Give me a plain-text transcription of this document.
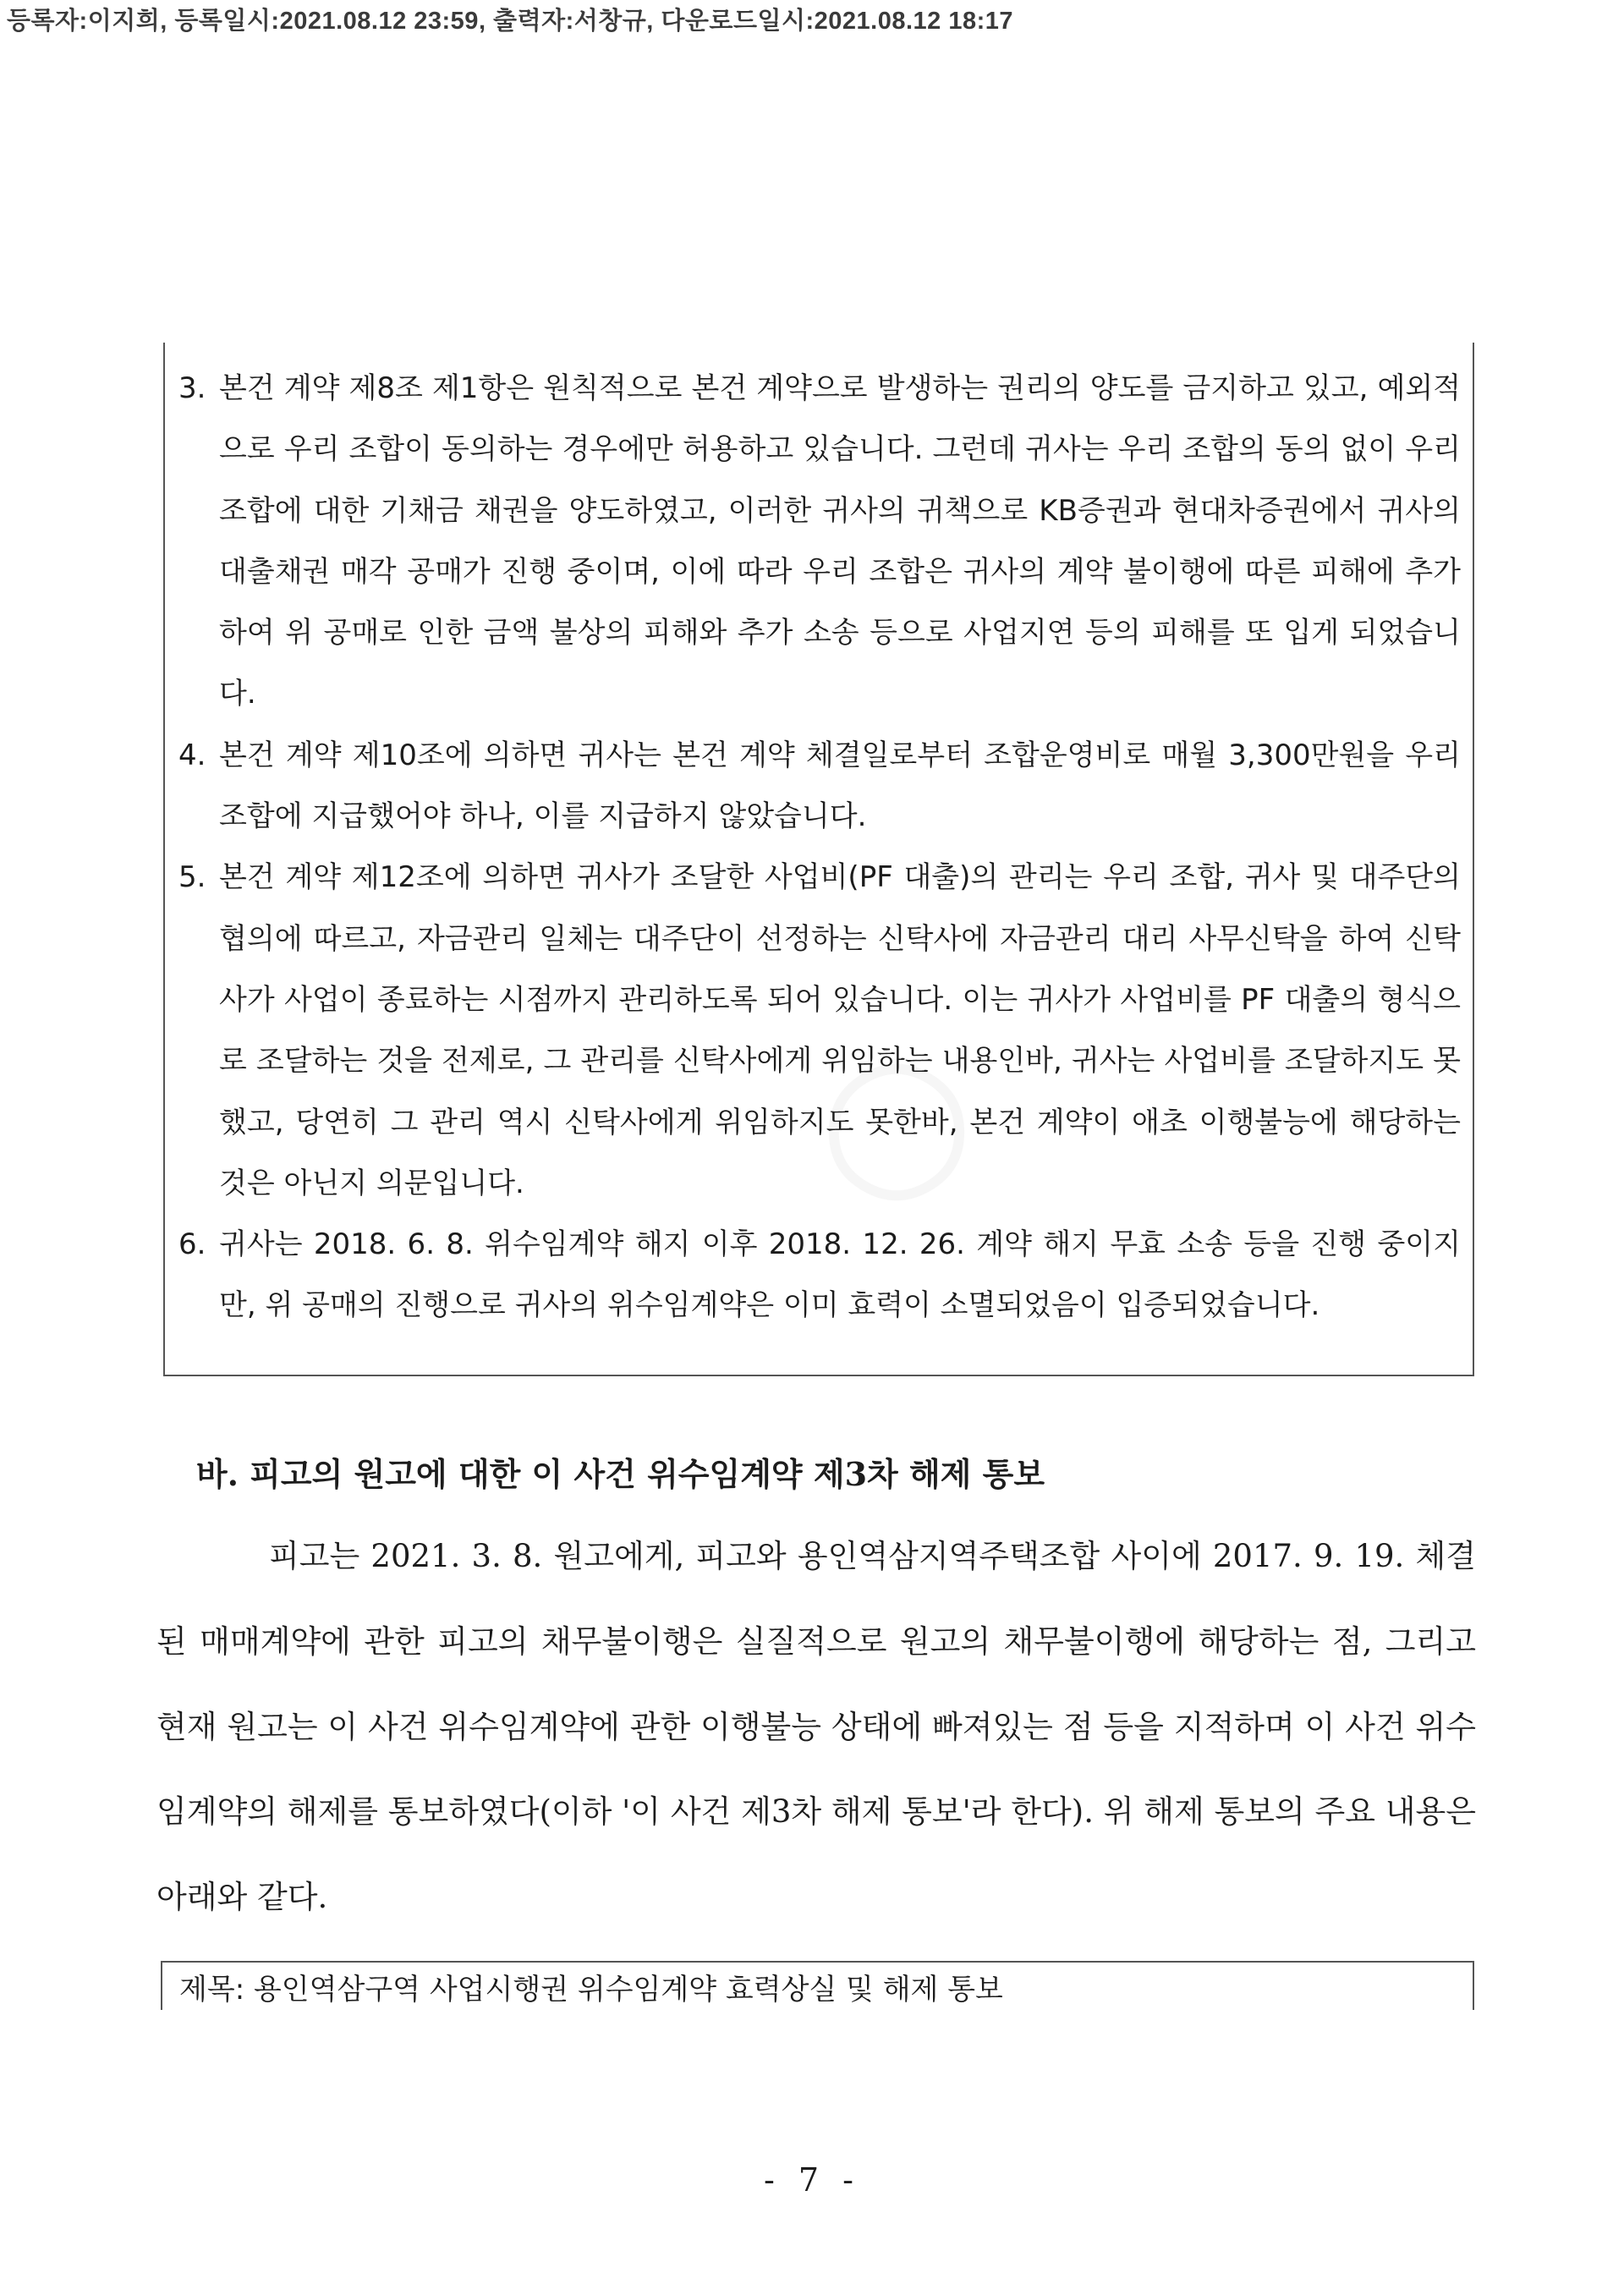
등록자:이지희, 등록일시:2021.08.12 23:59, 출력자:서창규, 다운로드일시:2021.08.12 18:17
3. 본건 계약 제8조 제1항은 원칙적으로 본건 계약으로 발생하는 권리의 양도를 금지하고 있고, 예외적으로 우리 조합이 동의하는 경우에만 허용하고 있습니다. 그런데 귀사는 우리 조합의 동의 없이 우리 조합에 대한 기채금 채권을 양도하였고, 이러한 귀사의 귀책으로 KB증권과 현대차증권에서 귀사의 대출채권 매각 공매가 진행 중이며, 이에 따라 우리 조합은 귀사의 계약 불이행에 따른 피해에 추가하여 위 공매로 인한 금액 불상의 피해와 추가 소송 등으로 사업지연 등의 피해를 또 입게 되었습니다.
4. 본건 계약 제10조에 의하면 귀사는 본건 계약 체결일로부터 조합운영비로 매월 3,300만원을 우리 조합에 지급했어야 하나, 이를 지급하지 않았습니다.
5. 본건 계약 제12조에 의하면 귀사가 조달한 사업비(PF 대출)의 관리는 우리 조합, 귀사 및 대주단의 협의에 따르고, 자금관리 일체는 대주단이 선정하는 신탁사에 자금관리 대리 사무신탁을 하여 신탁사가 사업이 종료하는 시점까지 관리하도록 되어 있습니다. 이는 귀사가 사업비를 PF 대출의 형식으로 조달하는 것을 전제로, 그 관리를 신탁사에게 위임하는 내용인바, 귀사는 사업비를 조달하지도 못했고, 당연히 그 관리 역시 신탁사에게 위임하지도 못한바, 본건 계약이 애초 이행불능에 해당하는 것은 아닌지 의문입니다.
6. 귀사는 2018. 6. 8. 위수임계약 해지 이후 2018. 12. 26. 계약 해지 무효 소송 등을 진행 중이지만, 위 공매의 진행으로 귀사의 위수임계약은 이미 효력이 소멸되었음이 입증되었습니다.
바. 피고의 원고에 대한 이 사건 위수임계약 제3차 해제 통보
피고는 2021. 3. 8. 원고에게, 피고와 용인역삼지역주택조합 사이에 2017. 9. 19. 체결된 매매계약에 관한 피고의 채무불이행은 실질적으로 원고의 채무불이행에 해당하는 점, 그리고 현재 원고는 이 사건 위수임계약에 관한 이행불능 상태에 빠져있는 점 등을 지적하며 이 사건 위수임계약의 해제를 통보하였다(이하 '이 사건 제3차 해제 통보'라 한다). 위 해제 통보의 주요 내용은 아래와 같다.
제목: 용인역삼구역 사업시행권 위수임계약 효력상실 및 해제 통보
- 7 -
